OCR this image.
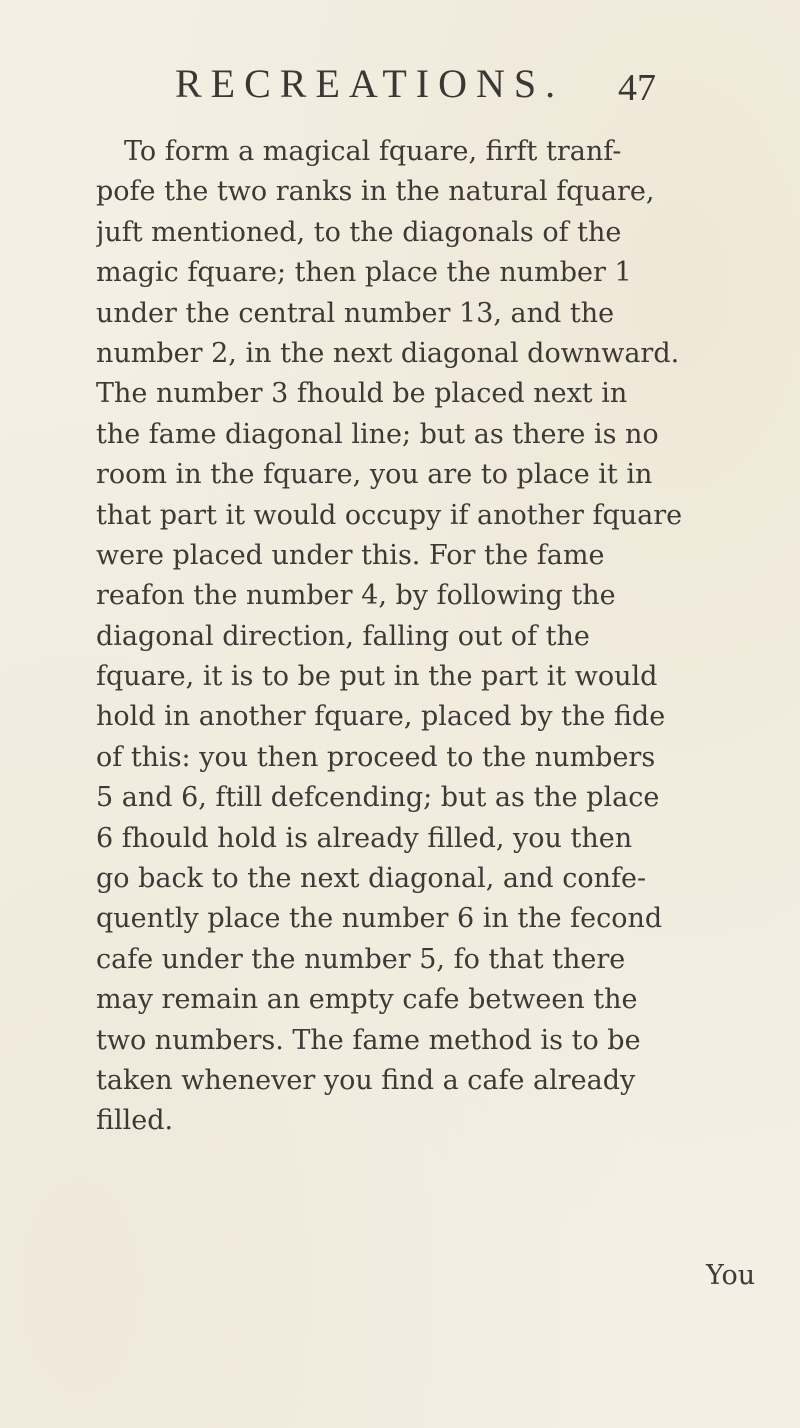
RECREATIONS. 47
To form a magical fquare, firft tranf-
pofe the two ranks in the natural fquare,
juft mentioned, to the diagonals of the
magic fquare; then place the number 1
under the central number 13, and the
number 2, in the next diagonal downward.
The number 3 fhould be placed next in
the fame diagonal line; but as there is no
room in the fquare, you are to place it in
that part it would occupy if another fquare
were placed under this. For the fame
reafon the number 4, by following the
diagonal direction, falling out of the
fquare, it is to be put in the part it would
hold in another fquare, placed by the fide
of this: you then proceed to the numbers
5 and 6, ftill defcending; but as the place
6 fhould hold is already filled, you then
go back to the next diagonal, and confe-
quently place the number 6 in the fecond
cafe under the number 5, fo that there
may remain an empty cafe between the
two numbers. The fame method is to be
taken whenever you find a cafe already
filled.
You
